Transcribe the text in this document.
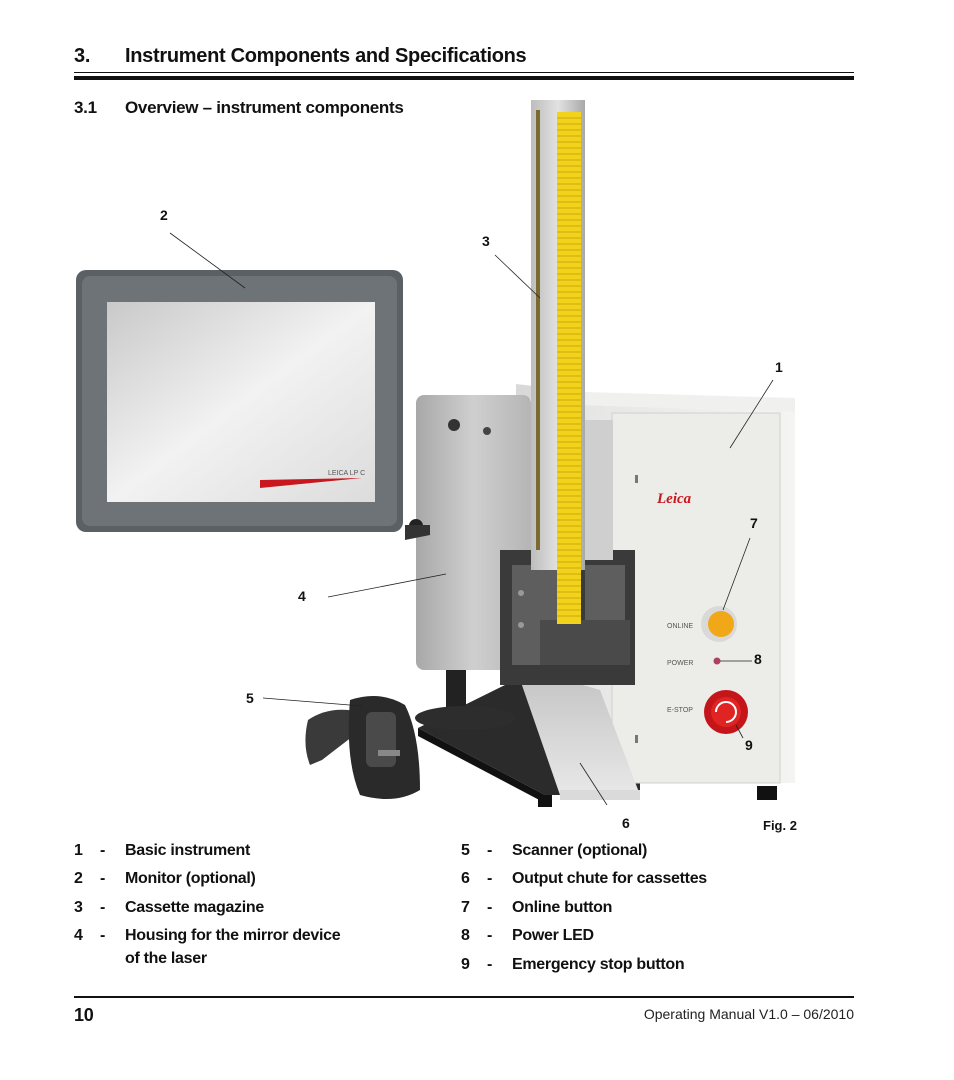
3. Instrument Components and Specifications
3.1 Overview – instrument components
LEICA LP C
Leica
ONLINE
POWER
E-STOP
2
3
1
7
4
8
5
9
6	Fig. 2
1 - Basic instrument
2 - Monitor (optional)
3 - Cassette magazine
4 - Housing for the mirror device
of the laser
5 - Scanner (optional)
6 - Output chute for cassettes
7 - Online button
8 - Power LED
9 - Emergency stop button
10	Operating Manual V1.0 – 06/2010
